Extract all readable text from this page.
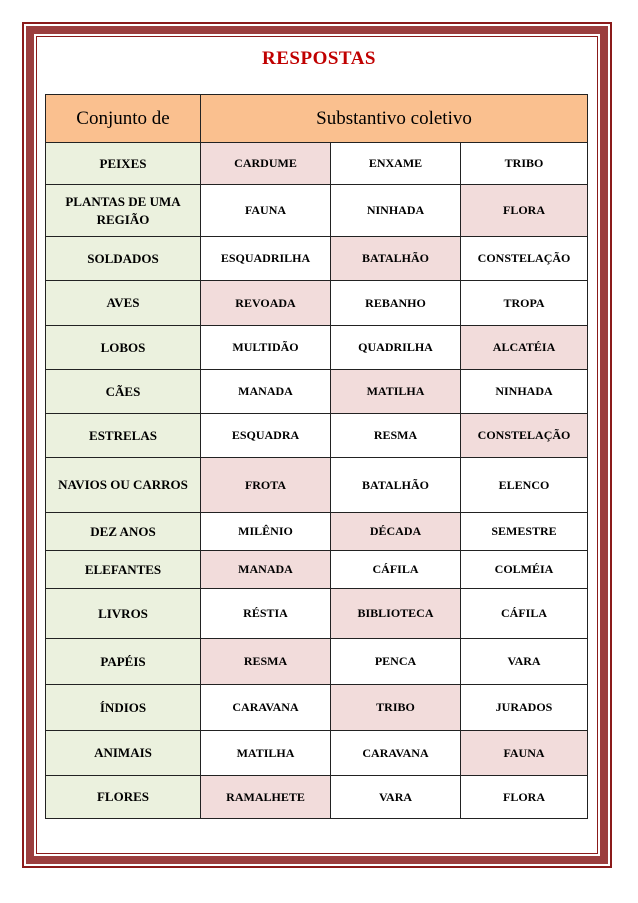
RESPOSTAS
Conjunto de	Substantivo coletivo		
PEIXES	CARDUME	ENXAME	TRIBO
PLANTAS DE UMA REGIÃO	FAUNA	NINHADA	FLORA
SOLDADOS	ESQUADRILHA	BATALHÃO	CONSTELAÇÃO
AVES	REVOADA	REBANHO	TROPA
LOBOS	MULTIDÃO	QUADRILHA	ALCATÉIA
CÃES	MANADA	MATILHA	NINHADA
ESTRELAS	ESQUADRA	RESMA	CONSTELAÇÃO
NAVIOS OU CARROS	FROTA	BATALHÃO	ELENCO
DEZ ANOS	MILÊNIO	DÉCADA	SEMESTRE
ELEFANTES	MANADA	CÁFILA	COLMÉIA
LIVROS	RÉSTIA	BIBLIOTECA	CÁFILA
PAPÉIS	RESMA	PENCA	VARA
ÍNDIOS	CARAVANA	TRIBO	JURADOS
ANIMAIS	MATILHA	CARAVANA	FAUNA
FLORES	RAMALHETE	VARA	FLORA
